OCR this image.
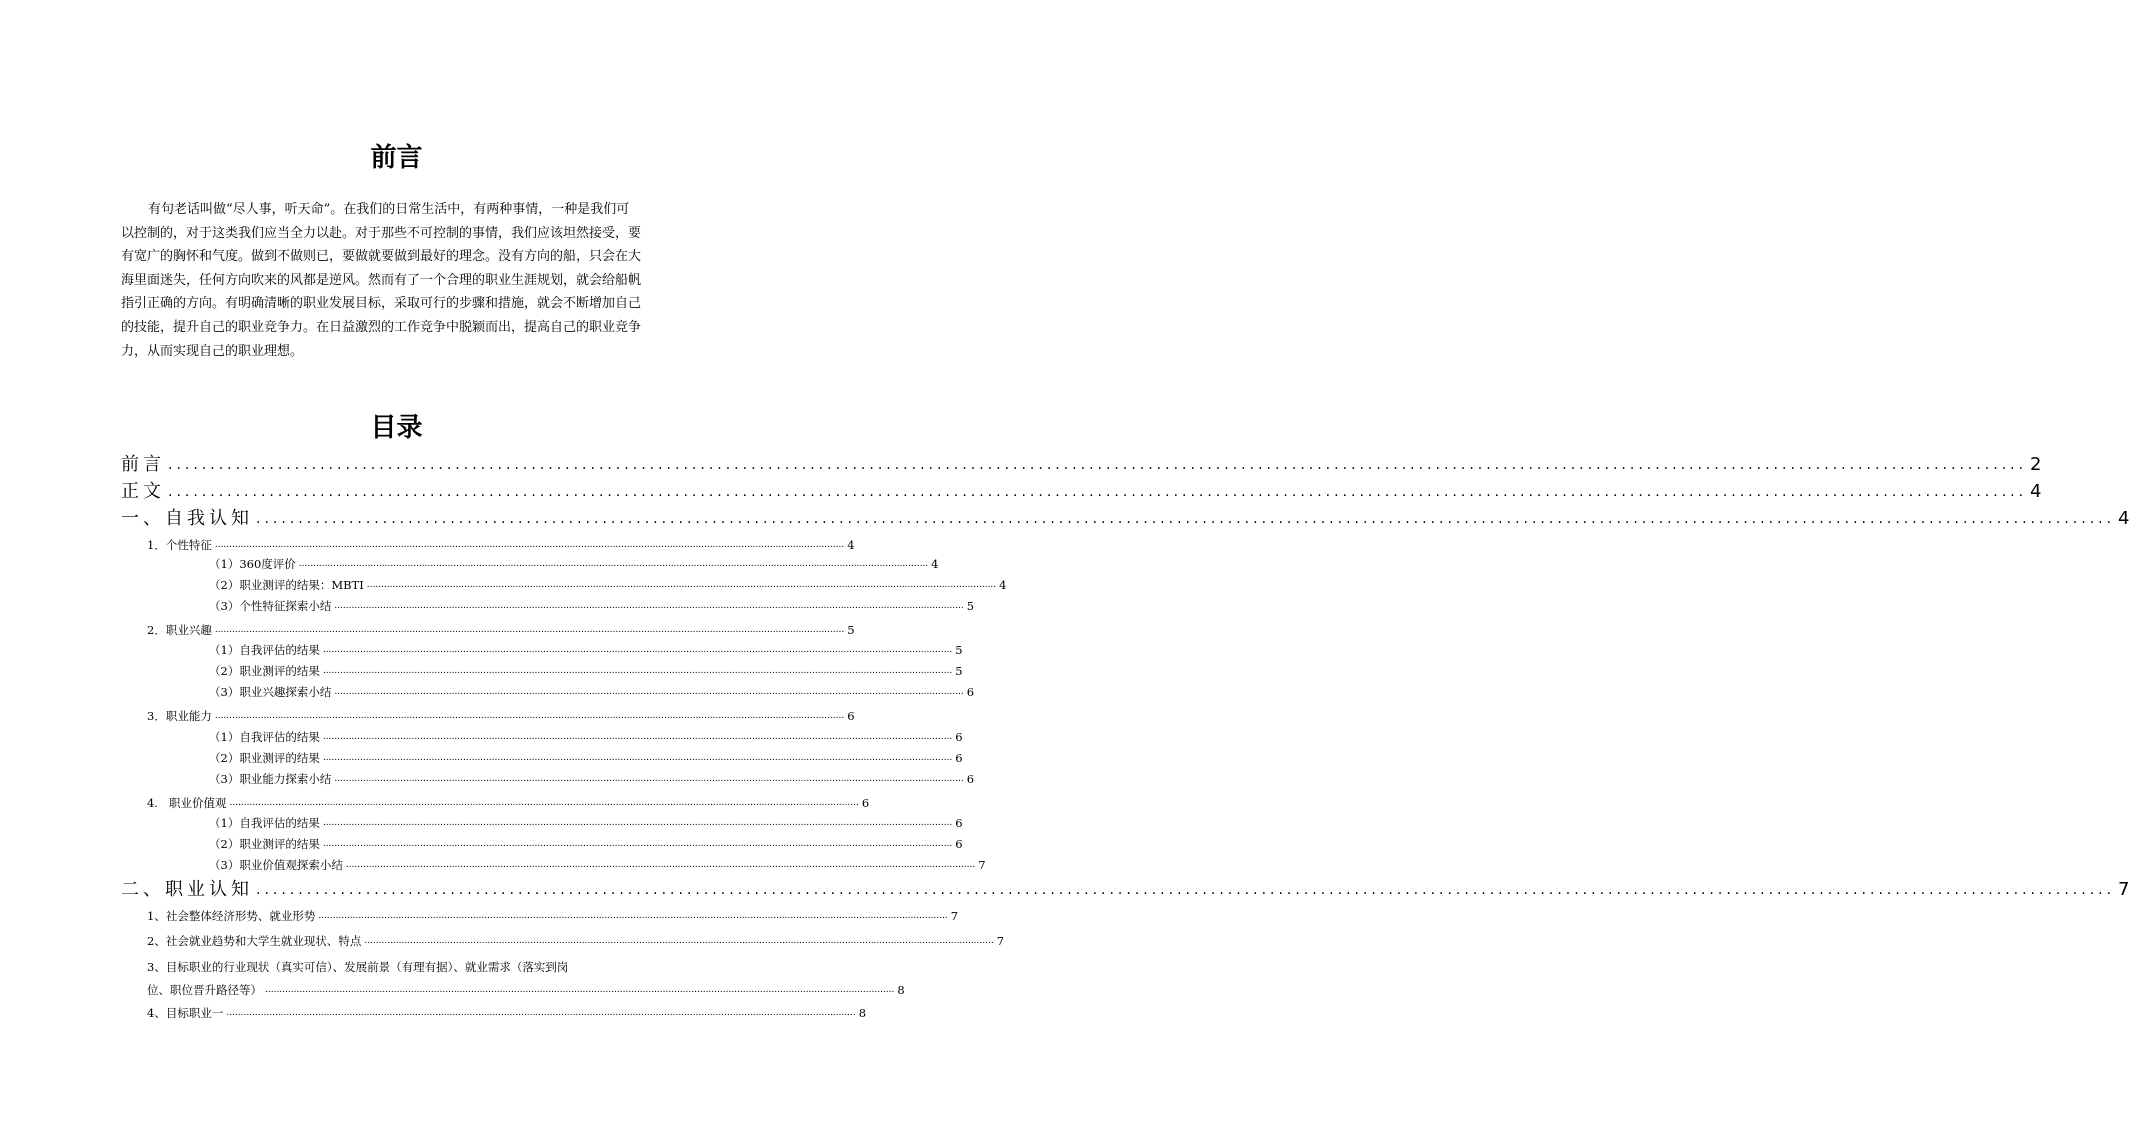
前言
有句老话叫做“尽人事，听天命”。在我们的日常生活中，有两种事情，一种是我们可
以控制的，对于这类我们应当全力以赴。对于那些不可控制的事情，我们应该坦然接受，要
有宽广的胸怀和气度。做到不做则已，要做就要做到最好的理念。没有方向的船，只会在大
海里面迷失，任何方向吹来的风都是逆风。然而有了一个合理的职业生涯规划，就会给船帆
指引正确的方向。有明确清晰的职业发展目标，采取可行的步骤和措施，就会不断增加自己
的技能，提升自己的职业竞争力。在日益激烈的工作竞争中脱颖而出，提高自己的职业竞争
力，从而实现自己的职业理想。
目录
前言 ............................................................................................................................................................................................................................ 2
正文 ............................................................................................................................................................................................................................ 4
一、自我认知 ............................................................................................................................................................................................................................ 4
1．个性特征 ............................................................................................................................................................................................................................ 4
（1）360度评价 ............................................................................................................................................................................................................................ 4
（2）职业测评的结果：MBTI ............................................................................................................................................................................................................................ 4
（3）个性特征探索小结 ............................................................................................................................................................................................................................ 5
2．职业兴趣 ............................................................................................................................................................................................................................ 5
（1）自我评估的结果 ............................................................................................................................................................................................................................ 5
（2）职业测评的结果 ............................................................................................................................................................................................................................ 5
（3）职业兴趣探索小结 ............................................................................................................................................................................................................................ 6
3．职业能力 ............................................................................................................................................................................................................................ 6
（1）自我评估的结果 ............................................................................................................................................................................................................................ 6
（2）职业测评的结果 ............................................................................................................................................................................................................................ 6
（3）职业能力探索小结 ............................................................................................................................................................................................................................ 6
4.   职业价值观 ............................................................................................................................................................................................................................ 6
（1）自我评估的结果 ............................................................................................................................................................................................................................ 6
（2）职业测评的结果 ............................................................................................................................................................................................................................ 6
（3）职业价值观探索小结 ............................................................................................................................................................................................................................ 7
二、职业认知 ............................................................................................................................................................................................................................ 7
1、社会整体经济形势、就业形势 ............................................................................................................................................................................................................................ 7
2、社会就业趋势和大学生就业现状、特点 ............................................................................................................................................................................................................................ 7
3、目标职业的行业现状（真实可信）、发展前景（有理有据）、就业需求（落实到岗
位、职位晋升路径等） ............................................................................................................................................................................................................................ 8
4、目标职业一 ............................................................................................................................................................................................................................ 8
